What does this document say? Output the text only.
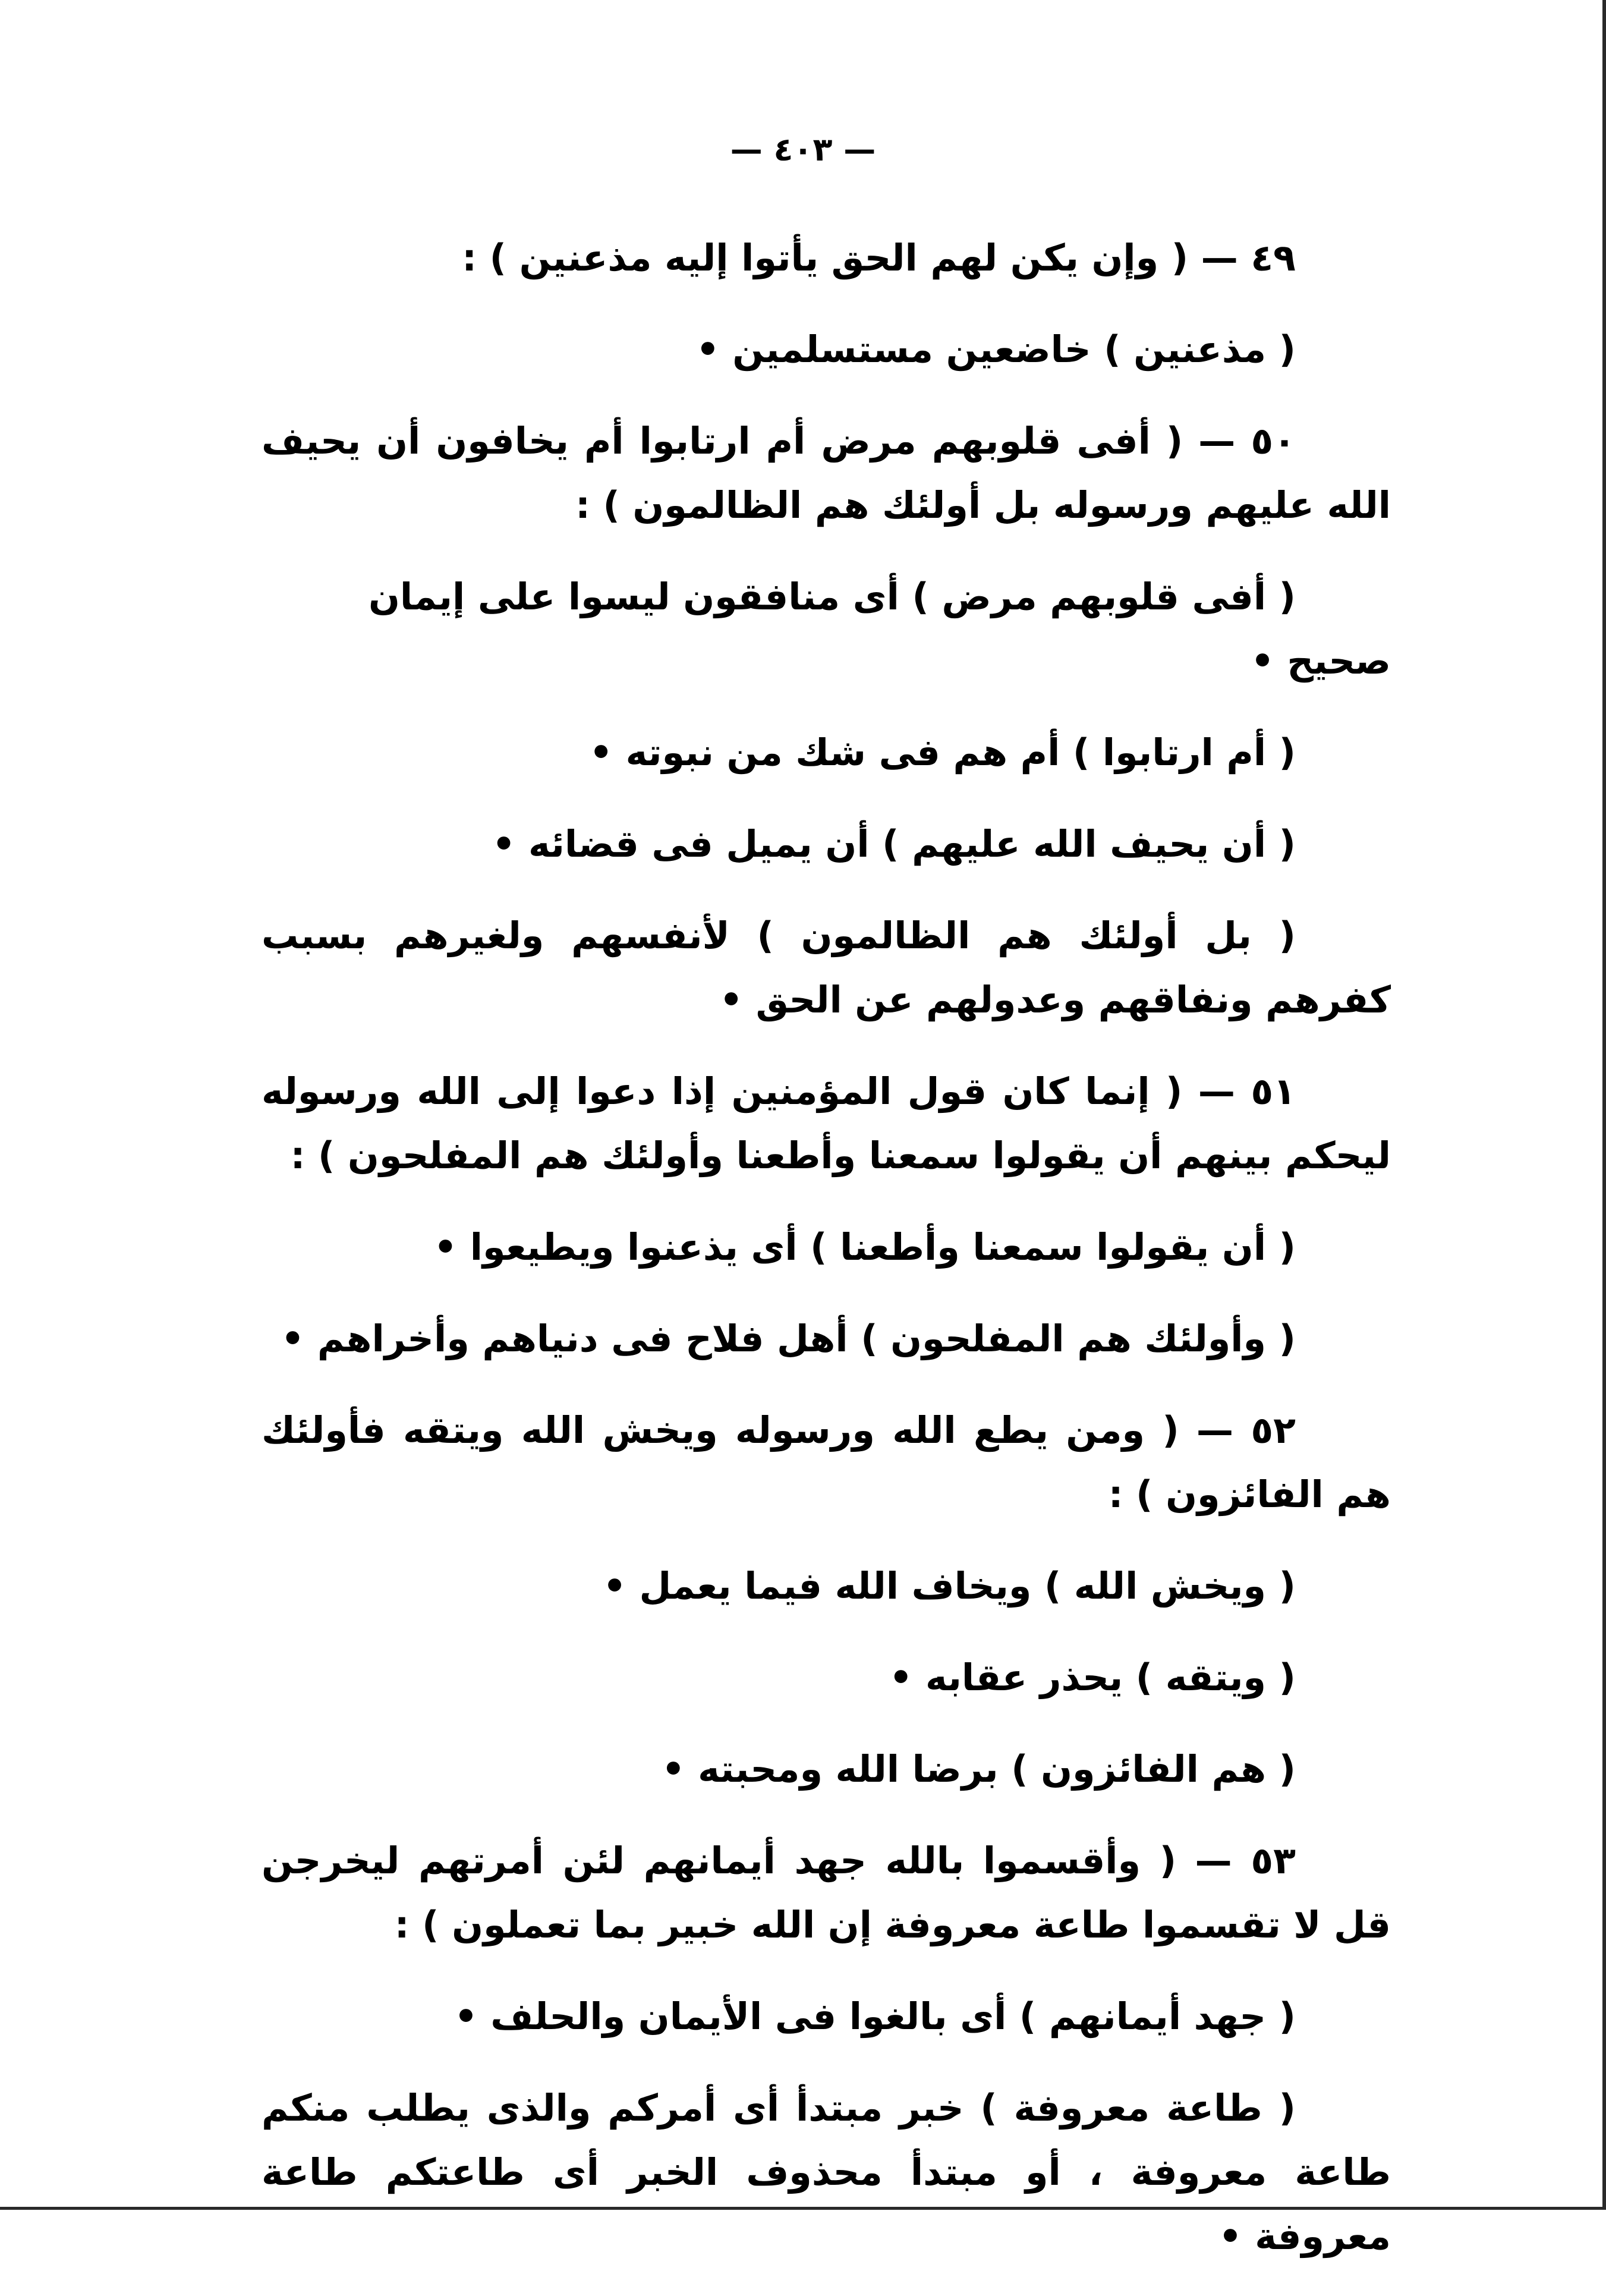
— ٤٠٣ —

٤٩ — ( وإن يكن لهم الحق يأتوا إليه مذعنين ) :

( مذعنين ) خاضعين مستسلمين •

٥٠ — ( أفى قلوبهم مرض أم ارتابوا أم يخافون أن يحيف الله عليهم ورسوله بل أولئك هم الظالمون ) :

( أفى قلوبهم مرض ) أى منافقون ليسوا على إيمان صحيح •

( أم ارتابوا ) أم هم فى شك من نبوته •

( أن يحيف الله عليهم ) أن يميل فى قضائه •

( بل أولئك هم الظالمون ) لأنفسهم ولغيرهم بسبب كفرهم ونفاقهم وعدولهم عن الحق •

٥١ — ( إنما كان قول المؤمنين إذا دعوا إلى الله ورسوله ليحكم بينهم أن يقولوا سمعنا وأطعنا وأولئك هم المفلحون ) :

( أن يقولوا سمعنا وأطعنا ) أى يذعنوا ويطيعوا •

( وأولئك هم المفلحون ) أهل فلاح فى دنياهم وأخراهم •

٥٢ — ( ومن يطع الله ورسوله ويخش الله ويتقه فأولئك هم الفائزون ) :

( ويخش الله ) ويخاف الله فيما يعمل •

( ويتقه ) يحذر عقابه •

( هم الفائزون ) برضا الله ومحبته •

٥٣ — ( وأقسموا بالله جهد أيمانهم لئن أمرتهم ليخرجن قل لا تقسموا طاعة معروفة إن الله خبير بما تعملون ) :

( جهد أيمانهم ) أى بالغوا فى الأيمان والحلف •

( طاعة معروفة ) خبر مبتدأ أى أمركم والذى يطلب منكم طاعة معروفة ، أو مبتدأ محذوف الخبر أى طاعتكم طاعة معروفة •
